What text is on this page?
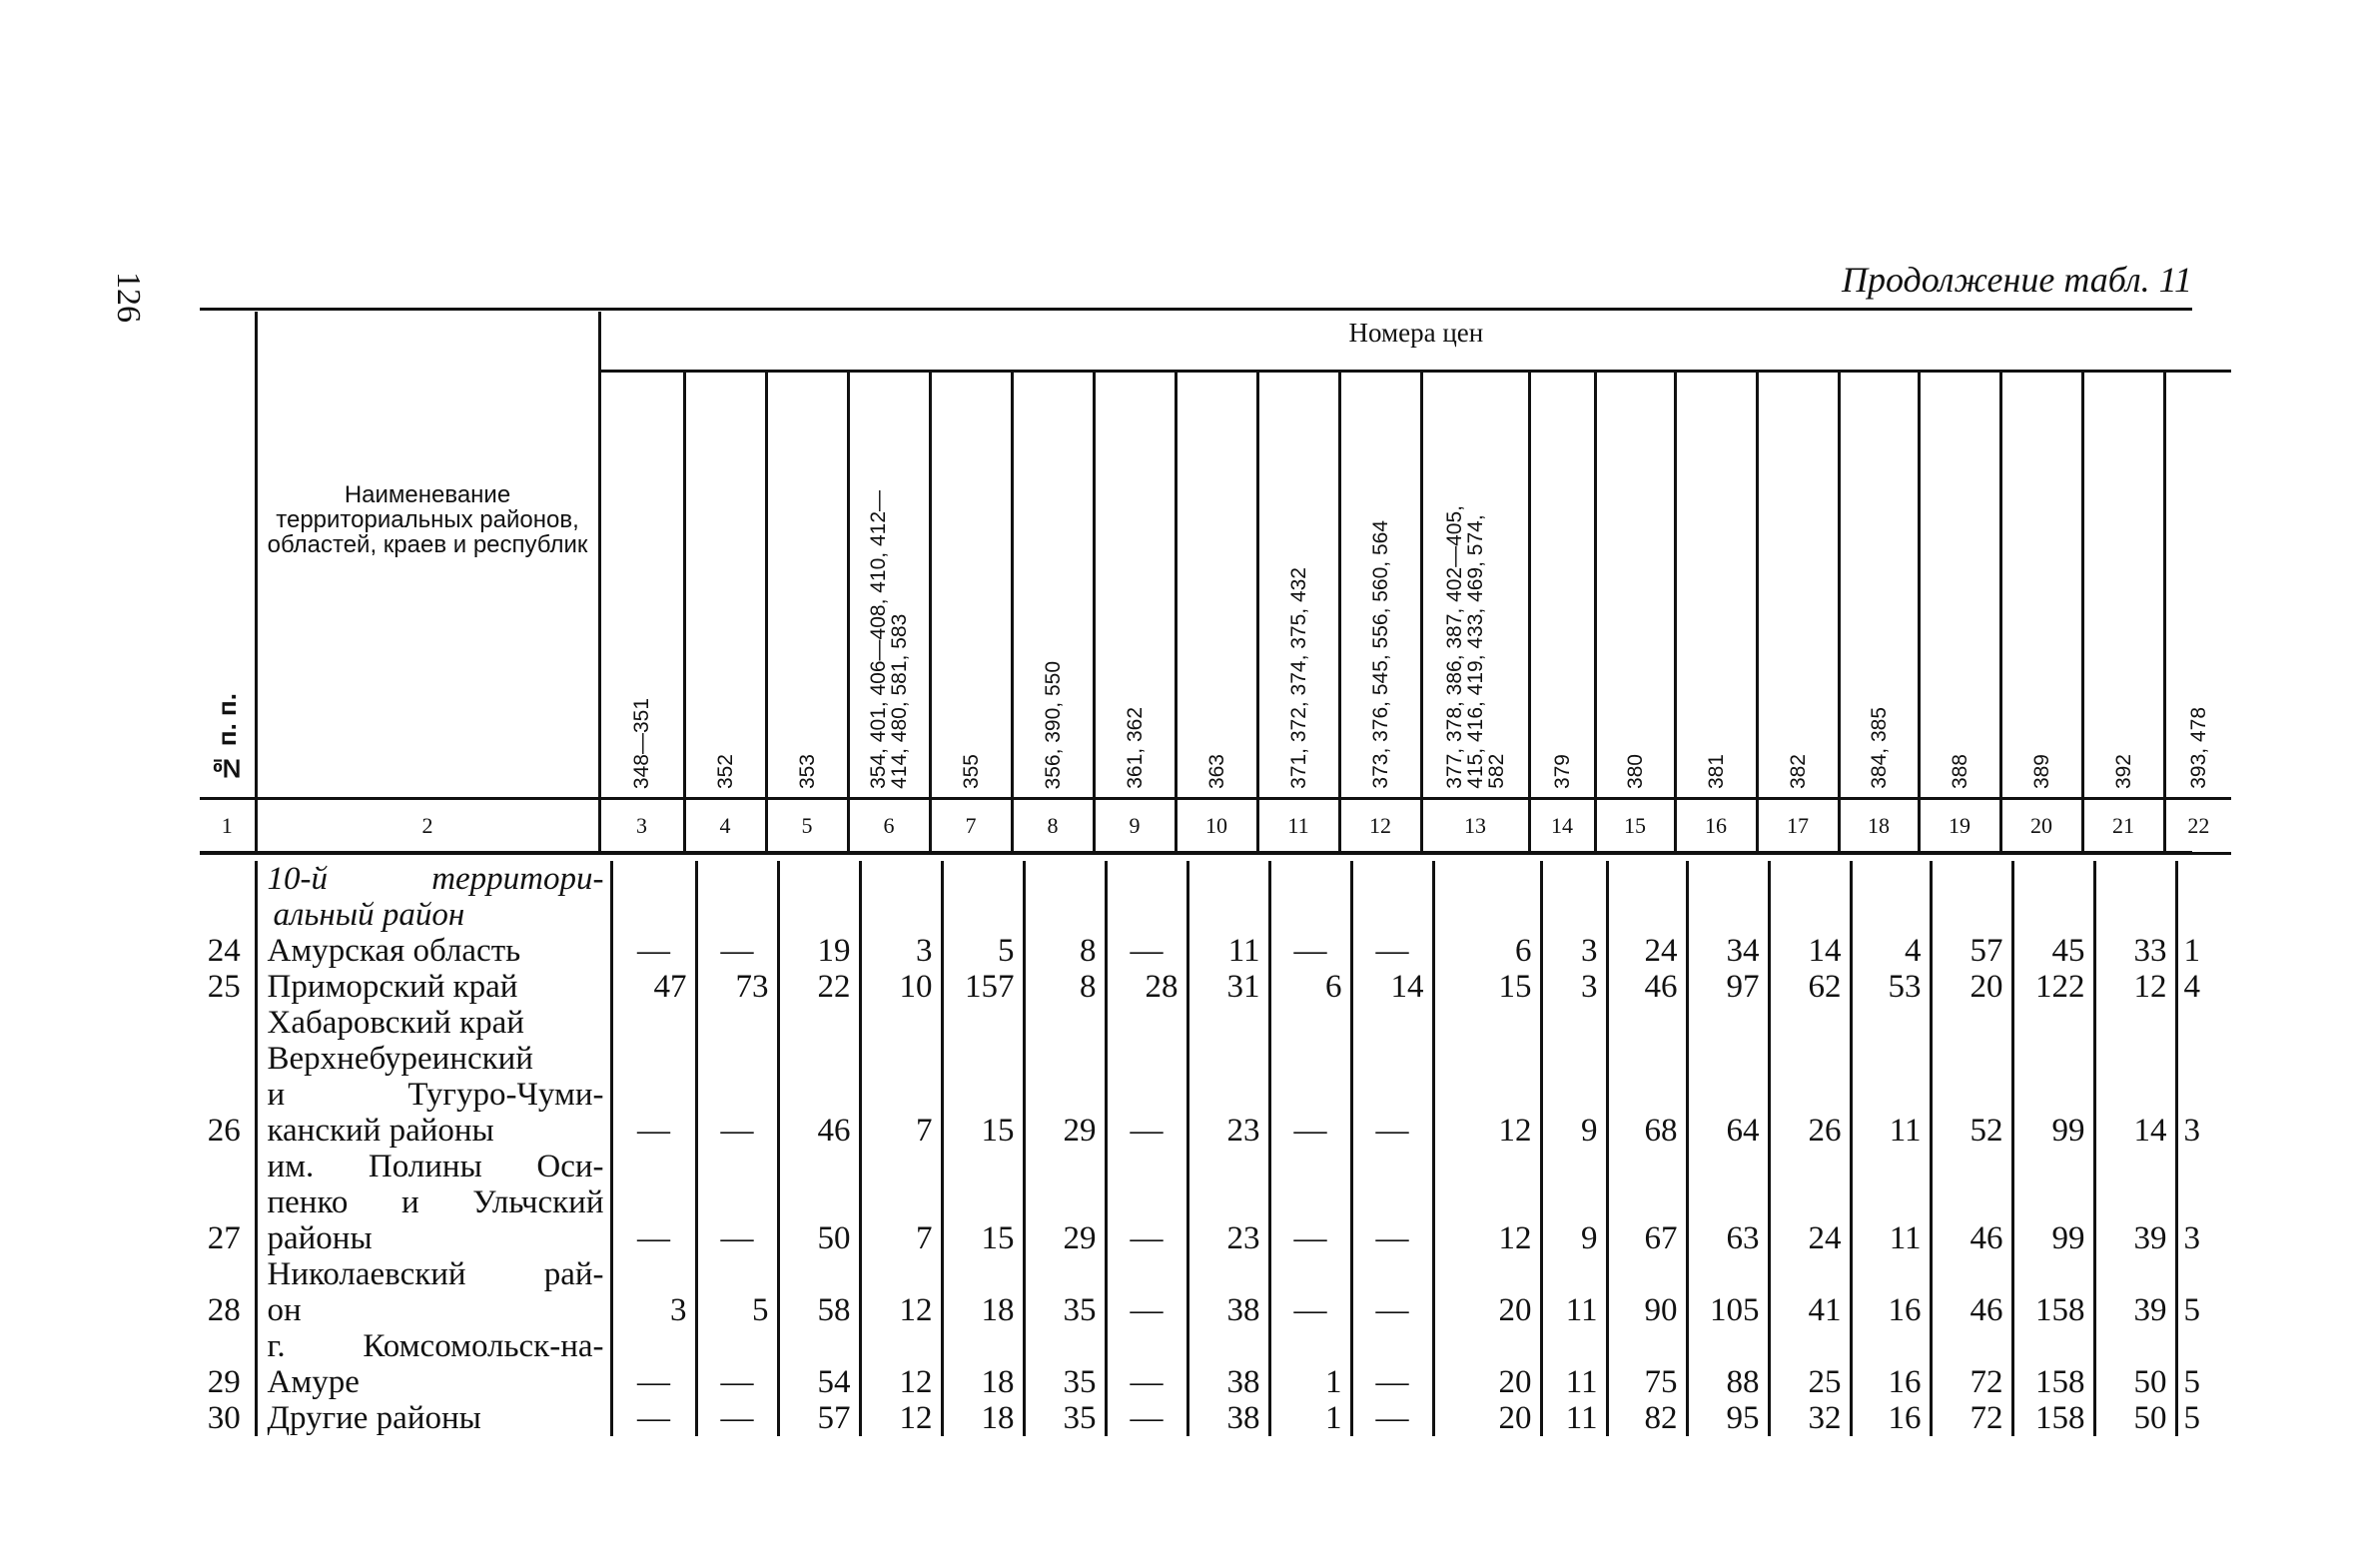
126	Продолжение табл. 11
№ п. п.	Наименевание территориальных районов, областей, краев и республик	Номера цен																			

		348—351	352	353	354, 401, 406—408, 410, 412—
414, 480, 581, 583	355	356, 390, 550	361, 362	363	371, 372, 374, 375, 432	373, 376, 545, 556, 560, 564	377, 378, 386, 387, 402—405,
415, 416, 419, 433, 469, 574,
582	379	380	381	382	384, 385	388	389	392	393, 478

1	2	3	4	5	6	7	8	9	10	11	12	13	14	15	16	17	18	19	20	21	22

	10-й территори-
альный район																				

24	Амурская область	—	—	19	3	5	8	—	11	—	—	6	3	24	34	14	4	57	45	33	1
25	Приморский край	47	73	22	10	157	8	28	31	6	14	15	3	46	97	62	53	20	122	12	4

	Хабаровский край																				

26	Верхнебуреинский
и Тугуро-Чуми-
канский районы	—	—	46	7	15	29	—	23	—	—	12	9	68	64	26	11	52	99	14	3
27	им. Полины Оси-
пенко и Ульчский
районы	—	—	50	7	15	29	—	23	—	—	12	9	67	63	24	11	46	99	39	3
28	Николаевский рай-
он	3	5	58	12	18	35	—	38	—	—	20	11	90	105	41	16	46	158	39	5
29	г. Комсомольск-на-
Амуре	—	—	54	12	18	35	—	38	1	—	20	11	75	88	25	16	72	158	50	5
30	Другие районы	—	—	57	12	18	35	—	38	1	—	20	11	82	95	32	16	72	158	50	5
